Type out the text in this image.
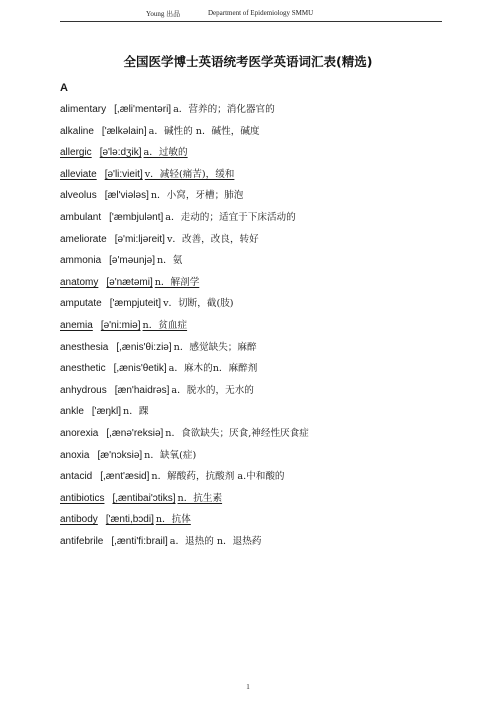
Young 出品	Department of Epidemiology SMMU
全国医学博士英语统考医学英语词汇表(精选)
A
alimentary [,æli'mentəri] a．营养的；消化器官的
alkaline ['ælkəlain] a．碱性的 n．碱性，碱度
allergic [ə'lə:dʒik] a．过敏的
alleviate [ə'li:vieit] v．减轻(痛苦)，缓和
alveolus [æl'viələs] n．小窝，牙槽；肺泡
ambulant ['æmbjulənt] a．走动的；适宜于下床活动的
ameliorate [ə'mi:ljəreit] v．改善，改良，转好
ammonia [ə'məunjə] n．氨
anatomy [ə'nætəmi] n．解剖学
amputate ['æmpjuteit] v．切断，截(肢)
anemia [ə'ni:miə] n．贫血症
anesthesia [,ænis'θi:ziə] n．感觉缺失；麻醉
anesthetic [,ænis'θetik] a．麻木的n．麻醉剂
anhydrous [æn'haidrəs] a．脱水的，无水的
ankle ['æŋkl] n．踝
anorexia [,ænə'reksiə] n．食欲缺失；厌食,神经性厌食症
anoxia [æ'nɔksiə] n．缺氧(症)
antacid [,ænt'æsid] n．解酸药，抗酸剂 a.中和酸的
antibiotics [,æntibai'ɔtiks] n．抗生素
antibody ['ænti,bɔdi] n．抗体
antifebrile [,ænti'fi:brail] a．退热的 n．退热药
1
